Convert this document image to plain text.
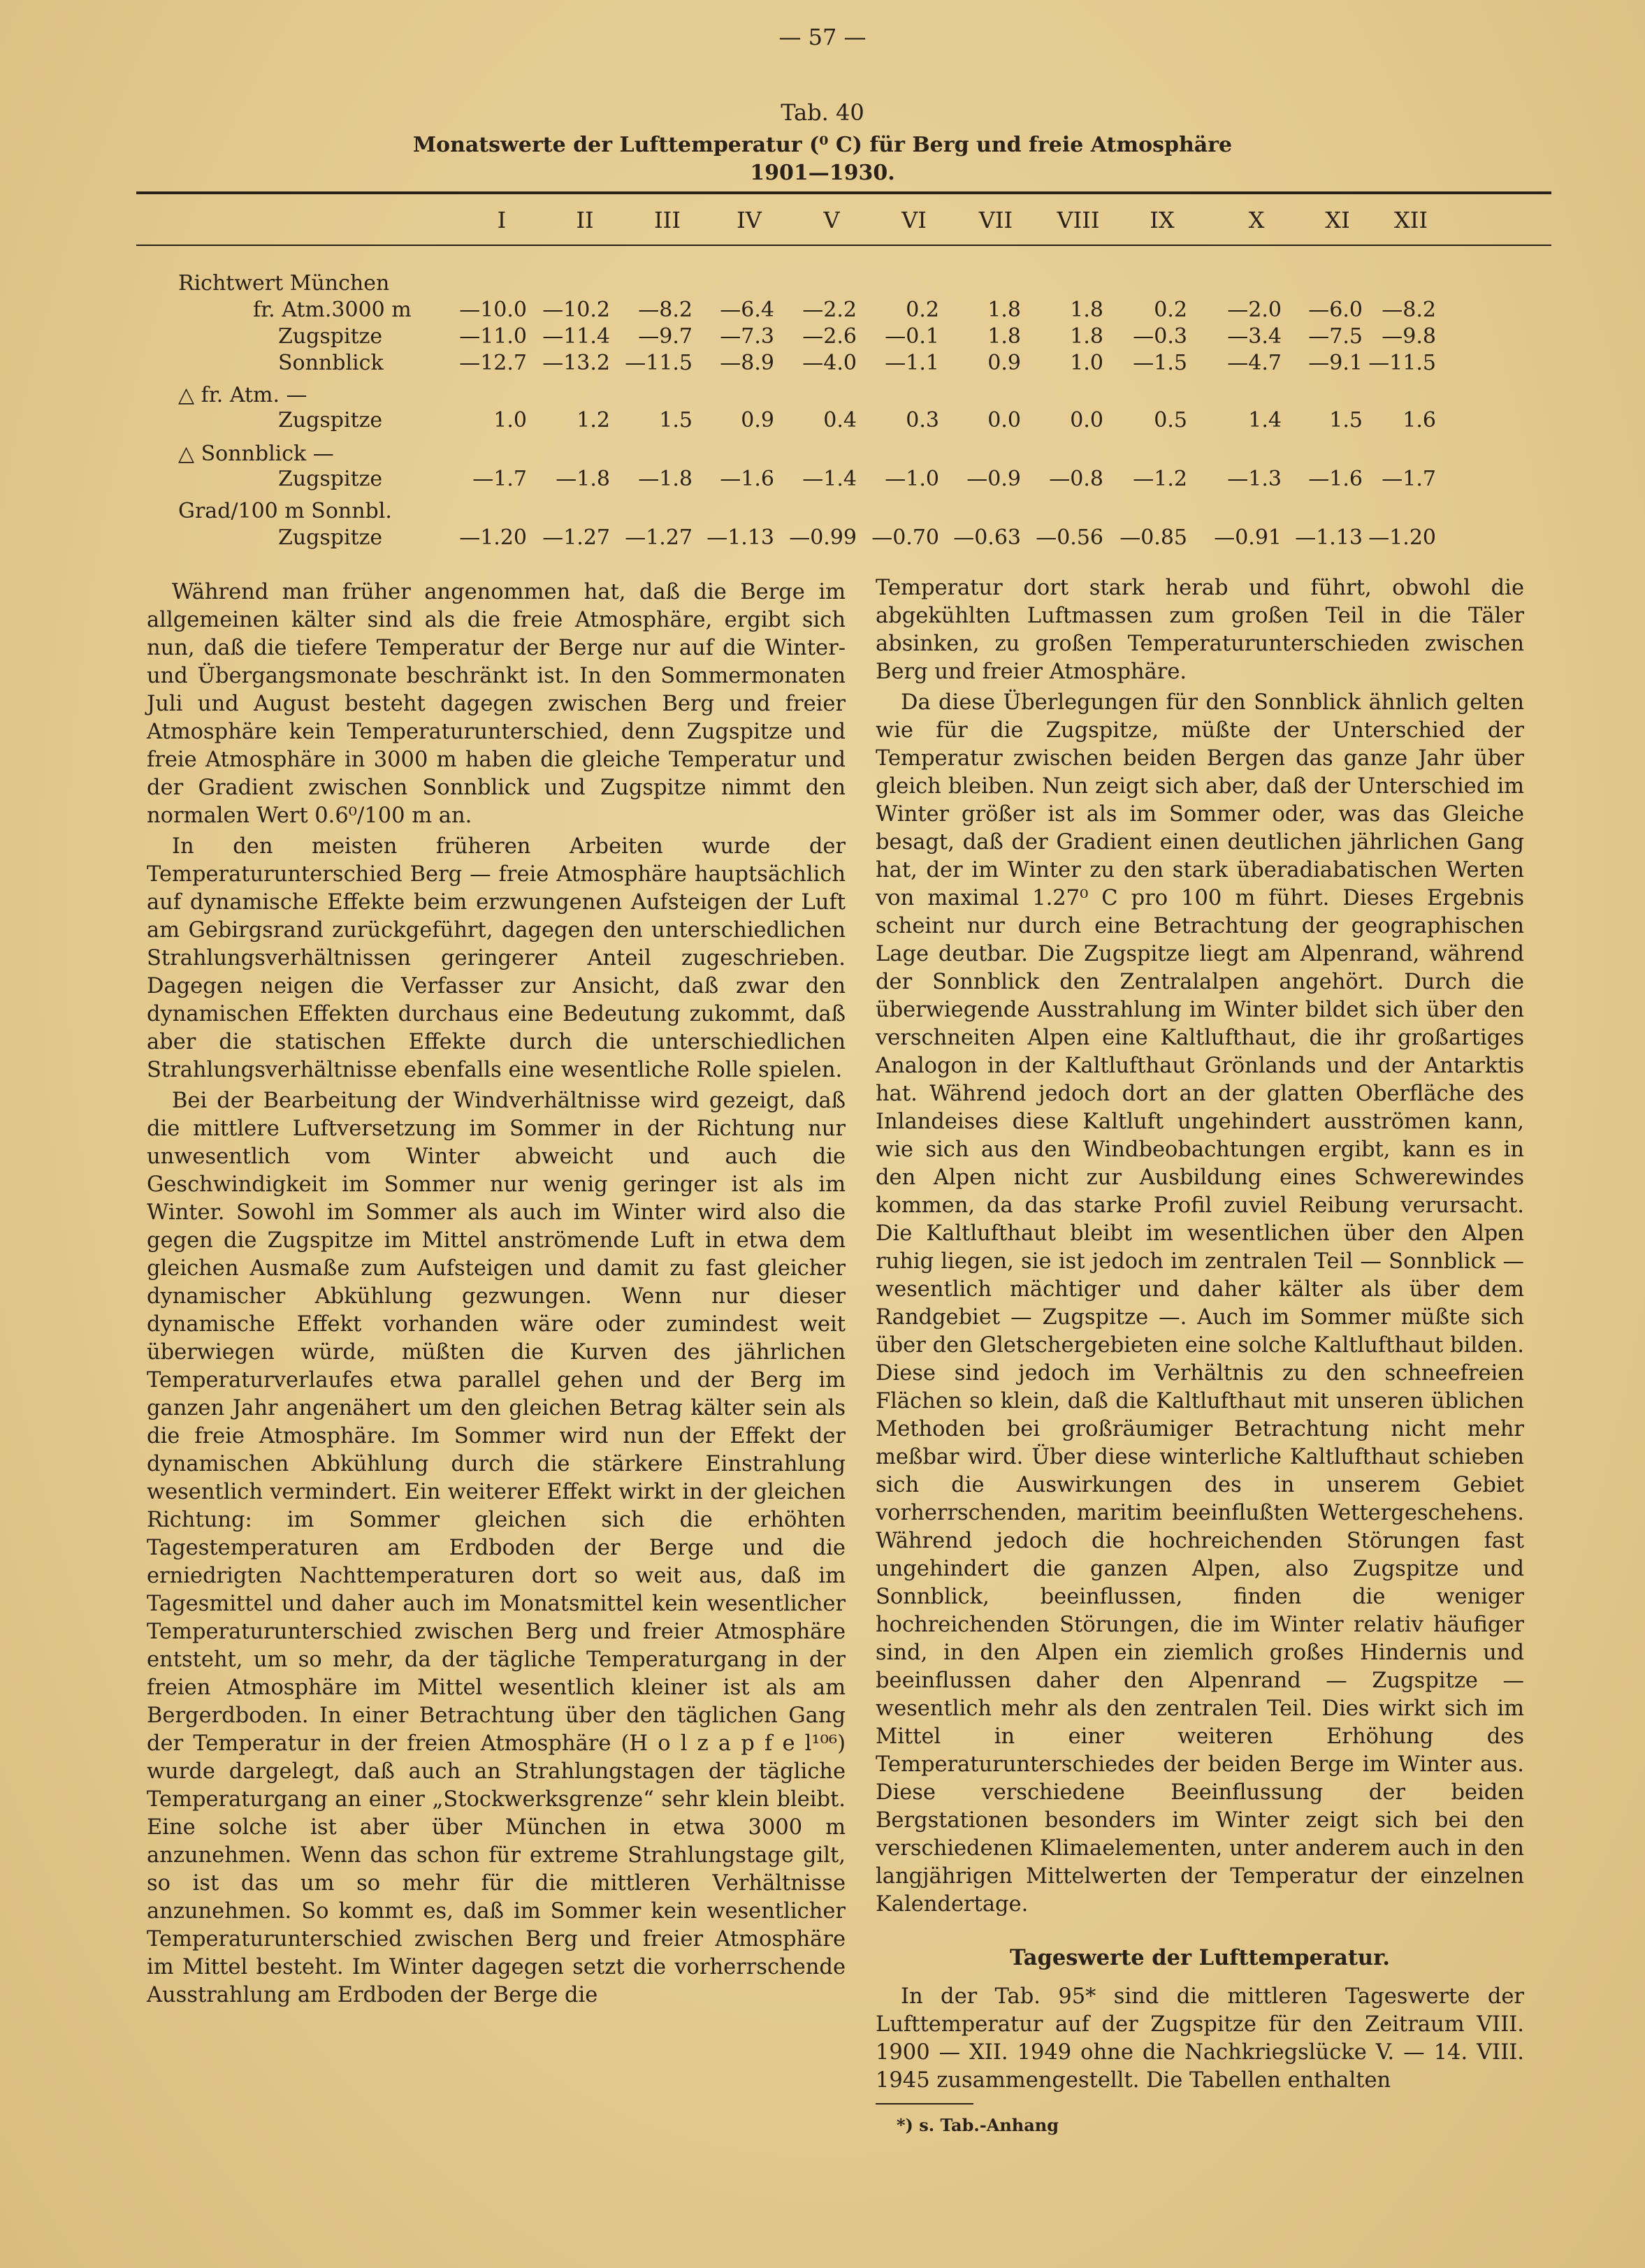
— 57 —
Tab. 40
Monatswerte der Lufttemperatur (⁰ C) für Berg und freie Atmosphäre
1901—1930.
I	II	III	IV	V	VI	VII	VIII	IX	X	XI	XII
Richtwert München
fr. Atm.3000 m	—10.0 —10.2	—8.2	—6.4	—2.2	0.2	1.8	1.8	0.2	—2.0	—6.0 —8.2
Zugspitze	—11.0 —11.4	—9.7	—7.3	—2.6	—0.1	1.8	1.8	—0.3	—3.4	—7.5 —9.8
Sonnblick	—12.7 —13.2 —11.5	—8.9	—4.0	—1.1	0.9	1.0	—1.5	—4.7	—9.1 —11.5
△ fr. Atm. —
Zugspitze	1.0	1.2	1.5	0.9	0.4	0.3	0.0	0.0	0.5	1.4	1.5	1.6
△ Sonnblick —
Zugspitze	—1.7	—1.8	—1.8	—1.6	—1.4	—1.0	—0.9	—0.8	—1.2	—1.3	—1.6 —1.7
Grad/100 m Sonnbl.
Zugspitze	—1.20 —1.27 —1.27 —1.13 —0.99 —0.70 —0.63 —0.56 —0.85	—0.91 —1.13 —1.20

Während man früher angenommen hat, daß die Berge im allgemeinen kälter sind als die freie Atmosphäre, ergibt sich nun, daß die tiefere Temperatur der Berge nur auf die Winter- und Übergangsmonate beschränkt ist. In den Sommermonaten Juli und August besteht dagegen zwischen Berg und freier Atmosphäre kein Temperaturunterschied, denn Zugspitze und freie Atmosphäre in 3000 m haben die gleiche Temperatur und der Gradient zwischen Sonnblick und Zugspitze nimmt den normalen Wert 0.6⁰/100 m an.

In den meisten früheren Arbeiten wurde der Temperaturunterschied Berg — freie Atmosphäre hauptsächlich auf dynamische Effekte beim erzwungenen Aufsteigen der Luft am Gebirgsrand zurückgeführt, dagegen den unterschiedlichen Strahlungsverhältnissen geringerer Anteil zugeschrieben. Dagegen neigen die Verfasser zur Ansicht, daß zwar den dynamischen Effekten durchaus eine Bedeutung zukommt, daß aber die statischen Effekte durch die unterschiedlichen Strahlungsverhältnisse ebenfalls eine wesentliche Rolle spielen.

Bei der Bearbeitung der Windverhältnisse wird gezeigt, daß die mittlere Luftversetzung im Sommer in der Richtung nur unwesentlich vom Winter abweicht und auch die Geschwindigkeit im Sommer nur wenig geringer ist als im Winter. Sowohl im Sommer als auch im Winter wird also die gegen die Zugspitze im Mittel anströmende Luft in etwa dem gleichen Ausmaße zum Aufsteigen und damit zu fast gleicher dynamischer Abkühlung gezwungen. Wenn nur dieser dynamische Effekt vorhanden wäre oder zumindest weit überwiegen würde, müßten die Kurven des jährlichen Temperaturverlaufes etwa parallel gehen und der Berg im ganzen Jahr angenähert um den gleichen Betrag kälter sein als die freie Atmosphäre. Im Sommer wird nun der Effekt der dynamischen Abkühlung durch die stärkere Einstrahlung wesentlich vermindert. Ein weiterer Effekt wirkt in der gleichen Richtung: im Sommer gleichen sich die erhöhten Tagestemperaturen am Erdboden der Berge und die erniedrigten Nachttemperaturen dort so weit aus, daß im Tagesmittel und daher auch im Monatsmittel kein wesentlicher Temperaturunterschied zwischen Berg und freier Atmosphäre entsteht, um so mehr, da der tägliche Temperaturgang in der freien Atmosphäre im Mittel wesentlich kleiner ist als am Bergerdboden. In einer Betrachtung über den täglichen Gang der Temperatur in der freien Atmosphäre (H o l z a p f e l¹⁰⁶) wurde dargelegt, daß auch an Strahlungstagen der tägliche Temperaturgang an einer „Stockwerksgrenze“ sehr klein bleibt. Eine solche ist aber über München in etwa 3000 m anzunehmen. Wenn das schon für extreme Strahlungstage gilt, so ist das um so mehr für die mittleren Verhältnisse anzunehmen. So kommt es, daß im Sommer kein wesentlicher Temperaturunterschied zwischen Berg und freier Atmosphäre im Mittel besteht. Im Winter dagegen setzt die vorherrschende Ausstrahlung am Erdboden der Berge die

Temperatur dort stark herab und führt, obwohl die abgekühlten Luftmassen zum großen Teil in die Täler absinken, zu großen Temperaturunterschieden zwischen Berg und freier Atmosphäre.

Da diese Überlegungen für den Sonnblick ähnlich gelten wie für die Zugspitze, müßte der Unterschied der Temperatur zwischen beiden Bergen das ganze Jahr über gleich bleiben. Nun zeigt sich aber, daß der Unterschied im Winter größer ist als im Sommer oder, was das Gleiche besagt, daß der Gradient einen deutlichen jährlichen Gang hat, der im Winter zu den stark überadiabatischen Werten von maximal 1.27⁰ C pro 100 m führt. Dieses Ergebnis scheint nur durch eine Betrachtung der geographischen Lage deutbar. Die Zugspitze liegt am Alpenrand, während der Sonnblick den Zentralalpen angehört. Durch die überwiegende Ausstrahlung im Winter bildet sich über den verschneiten Alpen eine Kaltlufthaut, die ihr großartiges Analogon in der Kaltlufthaut Grönlands und der Antarktis hat. Während jedoch dort an der glatten Oberfläche des Inlandeises diese Kaltluft ungehindert ausströmen kann, wie sich aus den Windbeobachtungen ergibt, kann es in den Alpen nicht zur Ausbildung eines Schwerewindes kommen, da das starke Profil zuviel Reibung verursacht. Die Kaltlufthaut bleibt im wesentlichen über den Alpen ruhig liegen, sie ist jedoch im zentralen Teil — Sonnblick — wesentlich mächtiger und daher kälter als über dem Randgebiet — Zugspitze —. Auch im Sommer müßte sich über den Gletschergebieten eine solche Kaltlufthaut bilden. Diese sind jedoch im Verhältnis zu den schneefreien Flächen so klein, daß die Kaltlufthaut mit unseren üblichen Methoden bei großräumiger Betrachtung nicht mehr meßbar wird. Über diese winterliche Kaltlufthaut schieben sich die Auswirkungen des in unserem Gebiet vorherrschenden, maritim beeinflußten Wettergeschehens. Während jedoch die hochreichenden Störungen fast ungehindert die ganzen Alpen, also Zugspitze und Sonnblick, beeinflussen, finden die weniger hochreichenden Störungen, die im Winter relativ häufiger sind, in den Alpen ein ziemlich großes Hindernis und beeinflussen daher den Alpenrand — Zugspitze — wesentlich mehr als den zentralen Teil. Dies wirkt sich im Mittel in einer weiteren Erhöhung des Temperaturunterschiedes der beiden Berge im Winter aus. Diese verschiedene Beeinflussung der beiden Bergstationen besonders im Winter zeigt sich bei den verschiedenen Klimaelementen, unter anderem auch in den langjährigen Mittelwerten der Temperatur der einzelnen Kalendertage.

Tageswerte der Lufttemperatur.

In der Tab. 95* sind die mittleren Tageswerte der Lufttemperatur auf der Zugspitze für den Zeitraum VIII. 1900 — XII. 1949 ohne die Nachkriegslücke V. — 14. VIII. 1945 zusammengestellt. Die Tabellen enthalten

*) s. Tab.-Anhang
